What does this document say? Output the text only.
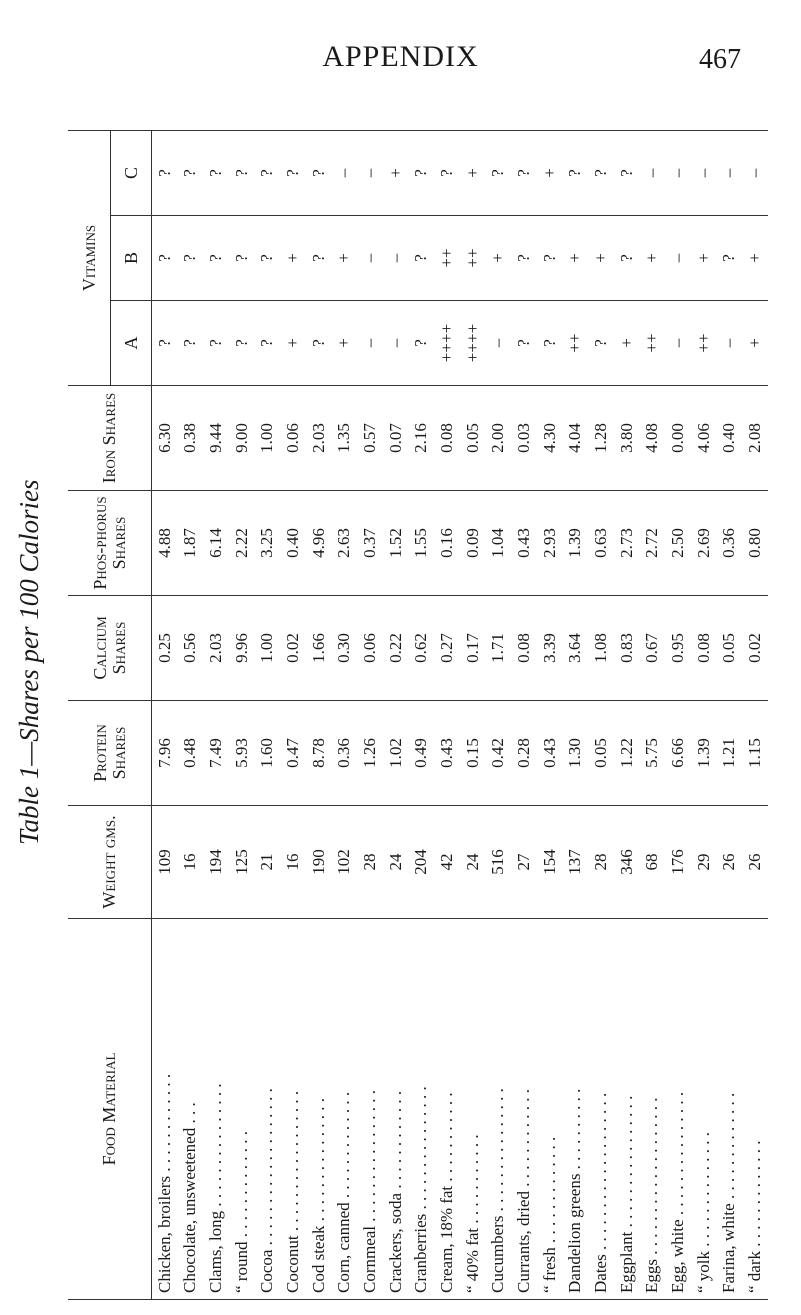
APPENDIX	467
Table 1—Shares per 100 Calories
Food Material	Weight gms.	Protein Shares	Calcium Shares	Phos-phorus Shares	Iron Shares	Vitamins		
						A	B	C
Chicken, broilers . . . . . . . . . . . .	109	7.96	0.25	4.88	6.30	?	?	?
Chocolate, unsweetened . . .	16	0.48	0.56	1.87	0.38	?	?	?
Clams, long . . . . . . . . . . . . . . .	194	7.49	2.03	6.14	9.44	?	?	?
“ round . . . . . . . . . . . . .	125	5.93	9.96	2.22	9.00	?	?	?
Cocoa . . . . . . . . . . . . . . . . . . .	21	1.60	1.00	3.25	1.00	?	?	?
Coconut . . . . . . . . . . . . . . . . .	16	0.47	0.02	0.40	0.06	+	+	?
Cod steak . . . . . . . . . . . . . . .	190	8.78	1.66	4.96	2.03	?	?	?
Corn, canned . . . . . . . . . . . . .	102	0.36	0.30	2.63	1.35	+	+	–
Cornmeal . . . . . . . . . . . . . . . .	28	1.26	0.06	0.37	0.57	–	–	–
Crackers, soda . . . . . . . . . . . .	24	1.02	0.22	1.52	0.07	–	–	+
Cranberries . . . . . . . . . . . . . . .	204	0.49	0.62	1.55	2.16	?	?	?
Cream, 18% fat . . . . . . . . . . .	42	0.43	0.27	0.16	0.08	++++	++	?
“ 40% fat . . . . . . . . . . .	24	0.15	0.17	0.09	0.05	++++	++	+
Cucumbers . . . . . . . . . . . . . . .	516	0.42	1.71	1.04	2.00	–	+	?
Currants, dried . . . . . . . . . . . .	27	0.28	0.08	0.43	0.03	?	?	?
“ fresh . . . . . . . . . . . . .	154	0.43	3.39	2.93	4.30	?	?	+
Dandelion greens . . . . . . . . . .	137	1.30	3.64	1.39	4.04	++	+	?
Dates . . . . . . . . . . . . . . . . . . .	28	0.05	1.08	0.63	1.28	?	+	?
Eggplant . . . . . . . . . . . . . . . .	346	1.22	0.83	2.73	3.80	+	?	?
Eggs . . . . . . . . . . . . . . . . . . .	68	5.75	0.67	2.72	4.08	++	+	–
Egg, white . . . . . . . . . . . . . . .	176	6.66	0.95	2.50	0.00	–	–	–
“ yolk . . . . . . . . . . . . . .	29	1.39	0.08	2.69	4.06	++	+	–
Farina, white . . . . . . . . . . . . .	26	1.21	0.05	0.36	0.40	–	?	–
“ dark . . . . . . . . . . . . .	26	1.15	0.02	0.80	2.08	+	+	–
